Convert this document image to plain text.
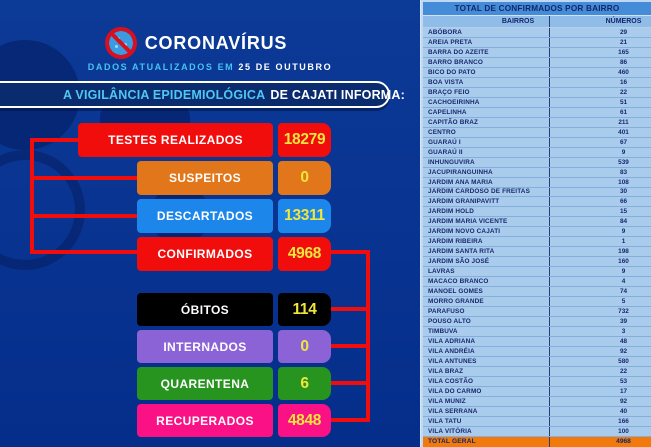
CORONAVÍRUS
DADOS ATUALIZADOS EM 25 DE OUTUBRO
A VIGILÂNCIA EPIDEMIOLÓGICA DE CAJATI INFORMA:
TESTES REALIZADOS	18279
SUSPEITOS	0
DESCARTADOS	13311
CONFIRMADOS	4968
ÓBITOS	114
INTERNADOS	0
QUARENTENA	6
RECUPERADOS	4848
TOTAL DE CONFIRMADOS POR BAIRRO
BAIRROS	NÚMEROS
ABÓBORA	29
AREIA PRETA	21
BARRA DO AZEITE	165
BARRO BRANCO	86
BICO DO PATO	460
BOA VISTA	16
BRAÇO FEIO	22
CACHOEIRINHA	51
CAPELINHA	61
CAPITÃO BRAZ	211
CENTRO	401
GUARAÚ I	67
GUARAÚ II	9
INHUNGUVIRA	539
JACUPIRANGUINHA	83
JARDIM ANA MARIA	108
JARDIM CARDOSO DE FREITAS	30
JARDIM GRANIPAVITT	66
JARDIM HOLD	15
JARDIM MARIA VICENTE	84
JARDIM NOVO CAJATI	9
JARDIM RIBEIRA	1
JARDIM SANTA RITA	198
JARDIM SÃO JOSÉ	160
LAVRAS	9
MACACO BRANCO	4
MANOEL GOMES	74
MORRO GRANDE	5
PARAFUSO	732
POUSO ALTO	39
TIMBUVA	3
VILA ADRIANA	48
VILA ANDRÉIA	92
VILA ANTUNES	580
VILA BRAZ	22
VILA COSTÃO	53
VILA DO CARMO	17
VILA MUNIZ	92
VILA SERRANA	40
VILA TATU	166
VILA VITÓRIA	100
TOTAL GERAL	4968
